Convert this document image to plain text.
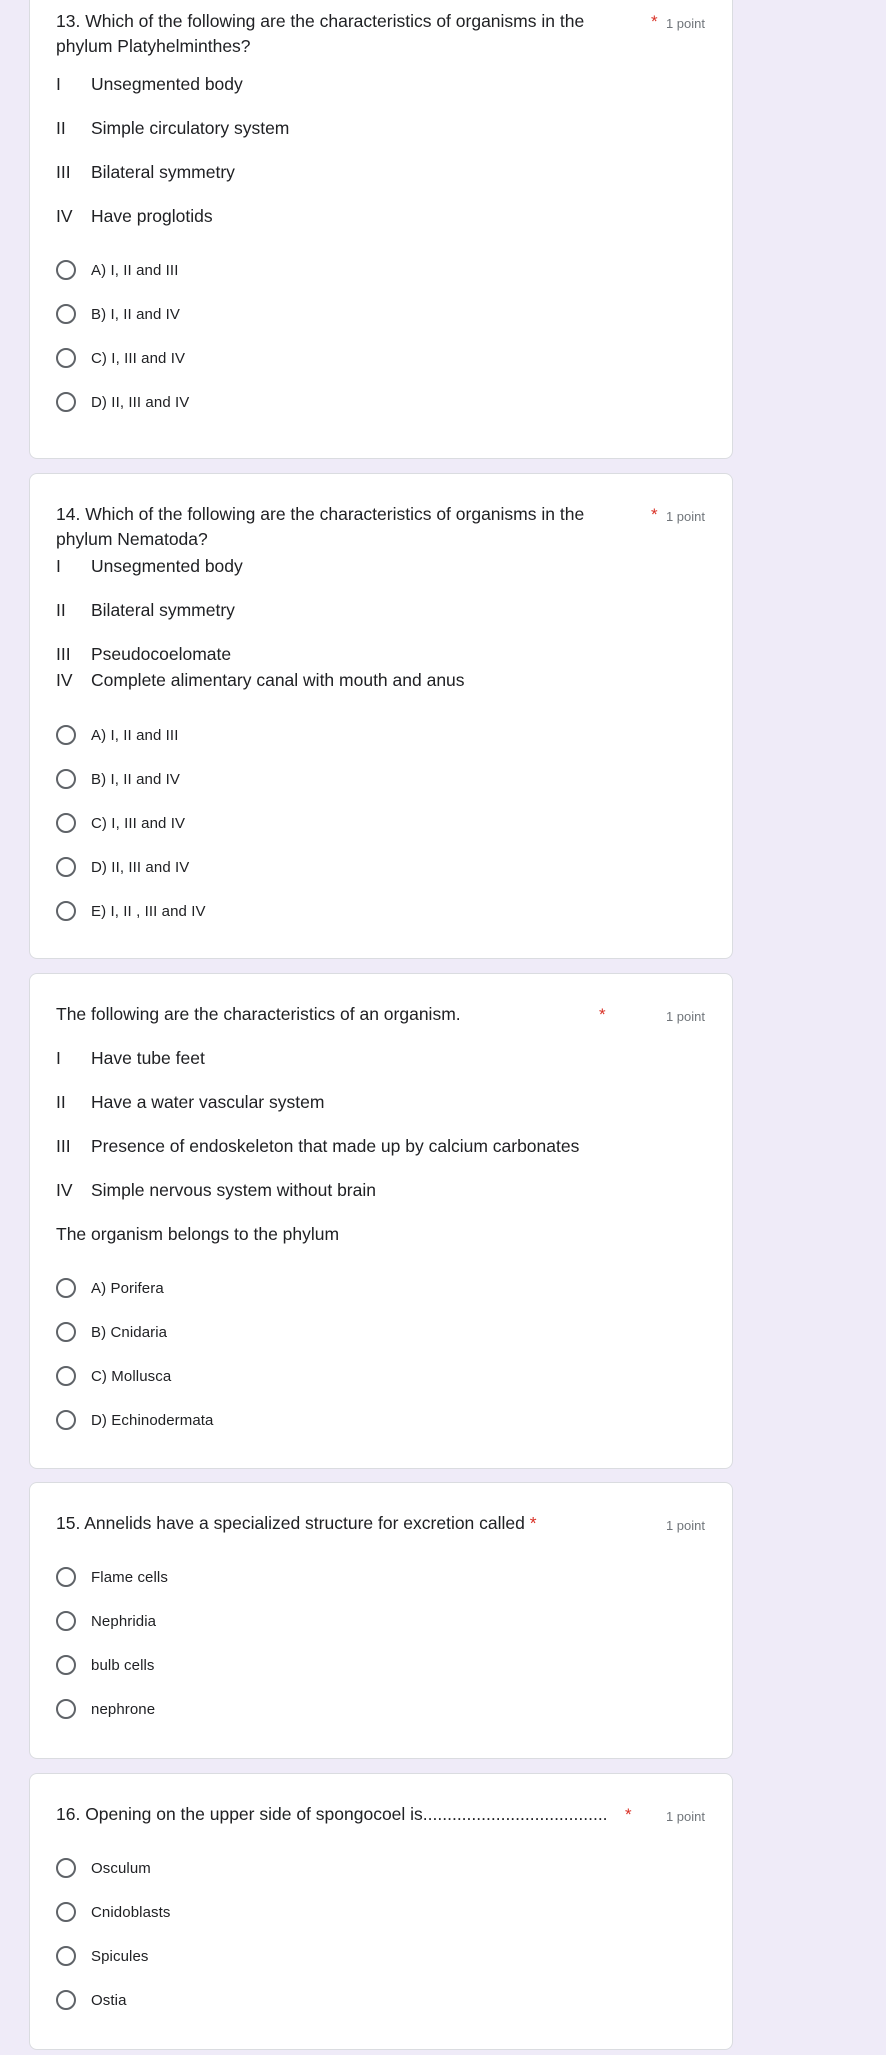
13. Which of the following are the characteristics of organisms in the phylum Platyhelminthes?
* 1 point
I Unsegmented body
II Simple circulatory system
III Bilateral symmetry
IV Have proglotids
A) I, II and III
B) I, II and IV
C) I, III and IV
D) II, III and IV
14. Which of the following are the characteristics of organisms in the phylum Nematoda?
* 1 point
I Unsegmented body
II Bilateral symmetry
III Pseudocoelomate
IV Complete alimentary canal with mouth and anus
A) I, II and III
B) I, II and IV
C) I, III and IV
D) II, III and IV
E) I, II , III and IV
The following are the characteristics of an organism.	*	1 point
I Have tube feet
II Have a water vascular system
III Presence of endoskeleton that made up by calcium carbonates
IV Simple nervous system without brain
The organism belongs to the phylum
A) Porifera
B) Cnidaria
C) Mollusca
D) Echinodermata
15. Annelids have a specialized structure for excretion called *	1 point
Flame cells
Nephridia
bulb cells
nephrone
16. Opening on the upper side of spongocoel is......................................	*	1 point
Osculum
Cnidoblasts
Spicules
Ostia
